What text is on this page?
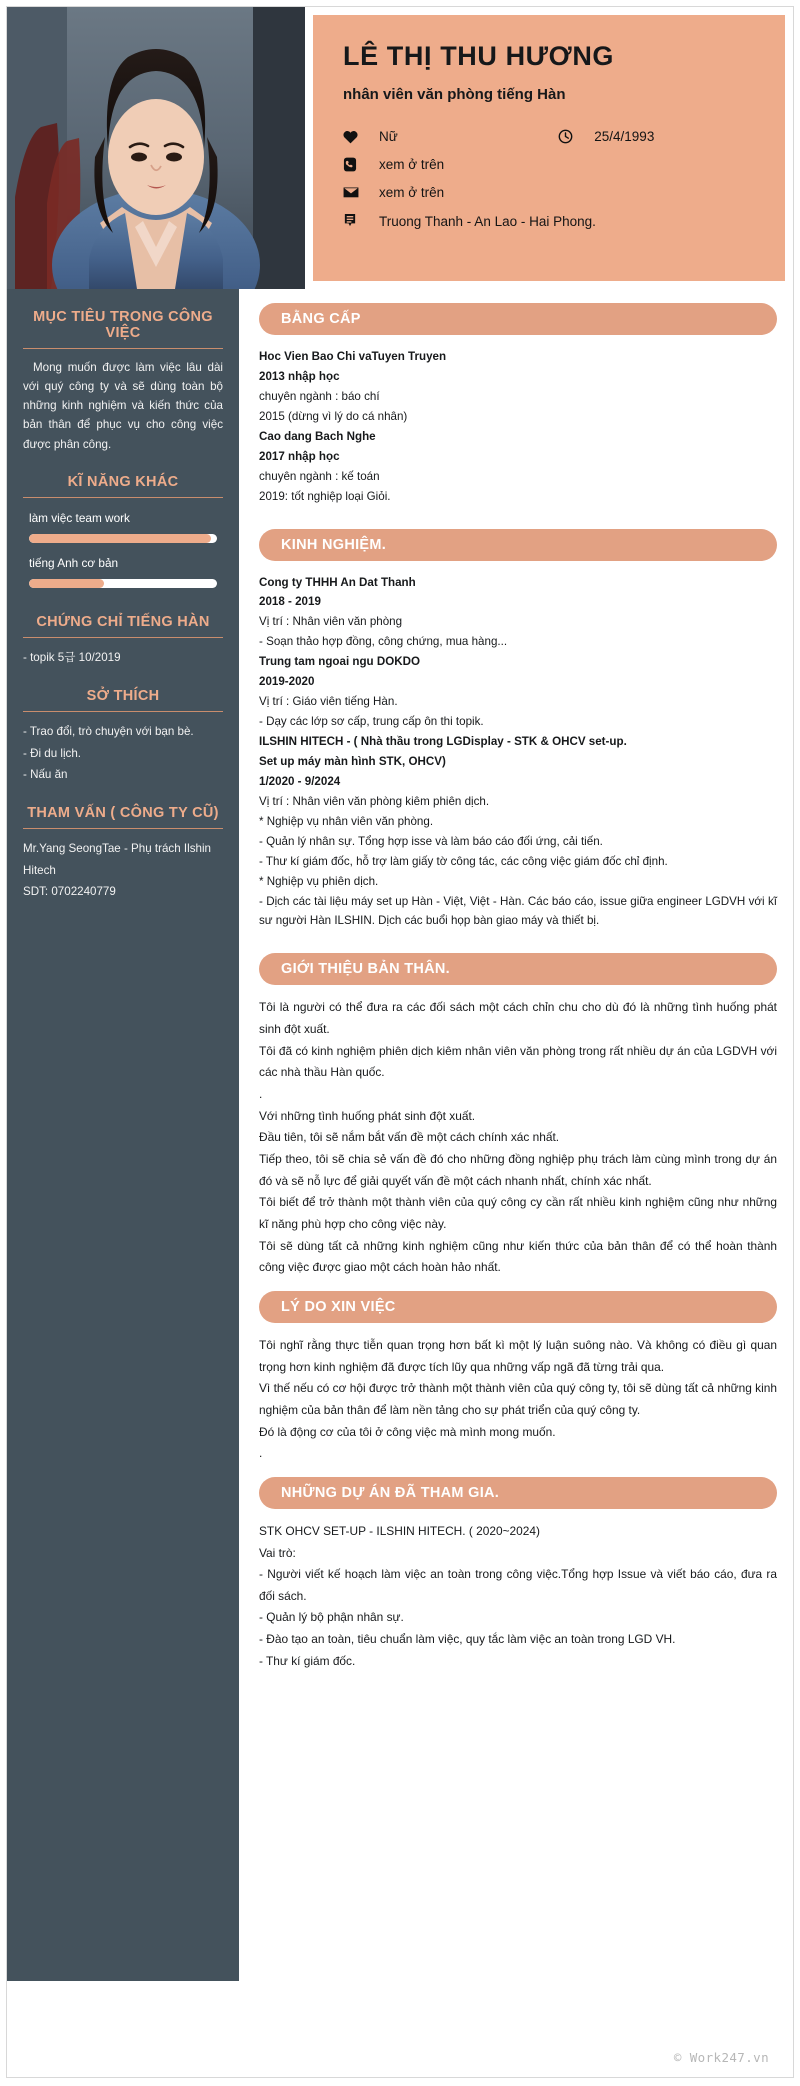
LÊ THỊ THU HƯƠNG
nhân viên văn phòng tiếng Hàn
Nữ	25/4/1993
xem ở trên
xem ở trên
Truong Thanh - An Lao - Hai Phong.
MỤC TIÊU TRONG CÔNG VIỆC
Mong muốn được làm việc lâu dài với quý công ty và sẽ dùng toàn bộ những kinh nghiệm và kiến thức của bản thân để phục vụ cho công việc được phân công.
KĨ NĂNG KHÁC
làm việc team work
tiếng Anh cơ bản
CHỨNG CHỈ TIẾNG HÀN
- topik 5급 10/2019
SỞ THÍCH
- Trao đổi, trò chuyện với bạn bè.
- Đi du lịch.
- Nấu ăn
THAM VẤN ( CÔNG TY CŨ)
Mr.Yang SeongTae - Phụ trách Ilshin Hitech
SDT: 0702240779
BẰNG CẤP
Hoc Vien Bao Chi vaTuyen Truyen
2013 nhập học
chuyên ngành : báo chí
2015 (dừng vì lý do cá nhân)
Cao dang Bach Nghe
2017 nhập học
chuyên ngành : kế toán
2019: tốt nghiệp loại Giỏi.
KINH NGHIỆM.
Cong ty THHH An Dat Thanh
2018 - 2019
Vị trí : Nhân viên văn phòng
- Soạn thảo hợp đồng, công chứng, mua hàng...
Trung tam ngoai ngu DOKDO
2019-2020
Vị trí : Giáo viên tiếng Hàn.
- Dạy các lớp sơ cấp, trung cấp ôn thi topik.
ILSHIN HITECH - ( Nhà thầu trong LGDisplay - STK & OHCV set-up.
Set up máy màn hình STK, OHCV)
1/2020 - 9/2024
Vị trí : Nhân viên văn phòng kiêm phiên dịch.
* Nghiệp vụ nhân viên văn phòng.
- Quản lý nhân sự. Tổng hợp isse và làm báo cáo đối ứng, cải tiến.
- Thư kí giám đốc, hỗ trợ làm giấy tờ công tác, các công việc giám đốc chỉ định.
* Nghiệp vụ phiên dịch.
- Dịch các tài liệu máy set up Hàn - Việt, Việt - Hàn. Các báo cáo, issue giữa engineer LGDVH với kĩ sư người Hàn ILSHIN. Dịch các buổi họp bàn giao máy và thiết bị.
GIỚI THIỆU BẢN THÂN.
Tôi là người có thể đưa ra các đối sách một cách chỉn chu cho dù đó là những tình huống phát sinh đột xuất.
Tôi đã có kinh nghiệm phiên dịch kiêm nhân viên văn phòng trong rất nhiều dự án của LGDVH với các nhà thầu Hàn quốc.
.
Với những tình huống phát sinh đột xuất.
Đầu tiên, tôi sẽ nắm bắt vấn đề một cách chính xác nhất.
Tiếp theo, tôi sẽ chia sẻ vấn đề đó cho những đồng nghiệp phụ trách làm cùng mình trong dự án đó và sẽ nỗ lực để giải quyết vấn đề một cách nhanh nhất, chính xác nhất.
Tôi biết để trở thành một thành viên của quý công cy cần rất nhiều kinh nghiệm cũng như những kĩ năng phù hợp cho công việc này.
Tôi sẽ dùng tất cả những kinh nghiệm cũng như kiến thức của bản thân để có thể hoàn thành công việc được giao một cách hoàn hảo nhất.
LÝ DO XIN VIỆC
Tôi nghĩ rằng thực tiễn quan trọng hơn bất kì một lý luận suông nào. Và không có điều gì quan trọng hơn kinh nghiệm đã được tích lũy qua những vấp ngã đã từng trải qua.
Vì thế nếu có cơ hội được trở thành một thành viên của quý công ty, tôi sẽ dùng tất cả những kinh nghiệm của bản thân để làm nền tảng cho sự phát triển của quý công ty.
Đó là động cơ của tôi ở công việc mà mình mong muốn.
.
NHỮNG DỰ ÁN ĐÃ THAM GIA.
STK OHCV SET-UP - ILSHIN HITECH. ( 2020~2024)
Vai trò:
- Người viết kế hoạch làm việc an toàn trong công việc.Tổng hợp Issue và viết báo cáo, đưa ra đối sách.
- Quản lý bộ phận nhân sự.
- Đào tạo an toàn, tiêu chuẩn làm việc, quy tắc làm việc an toàn trong LGD VH.
- Thư kí giám đốc.
© Work247.vn
